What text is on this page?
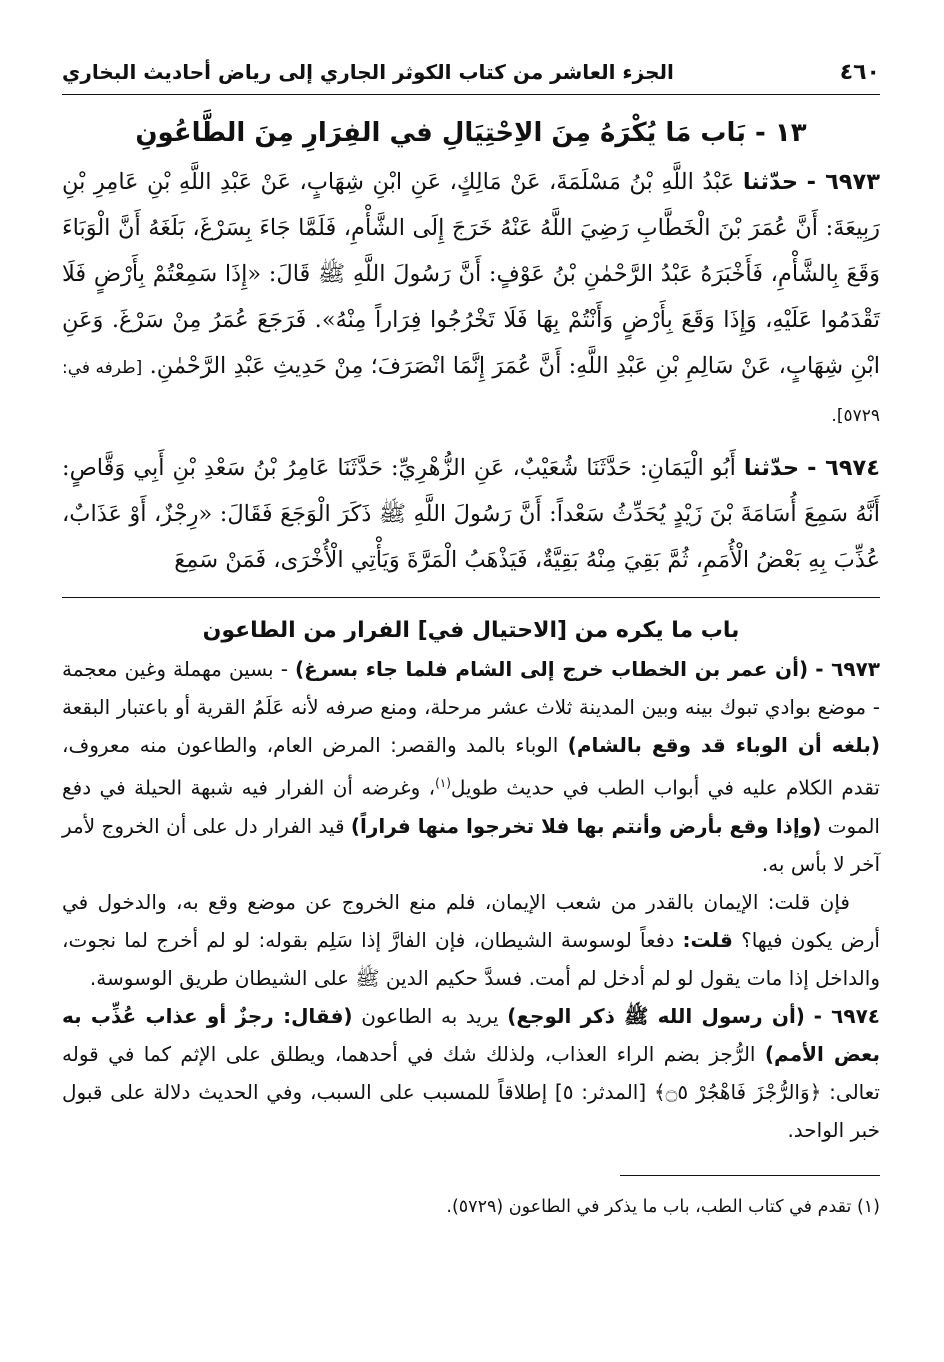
٤٦٠
الجزء العاشر من كتاب الكوثر الجاري إلى رياض أحاديث البخاري
١٣ - بَاب مَا يُكْرَهُ مِنَ الاِحْتِيَالِ في الفِرَارِ مِنَ الطَّاعُونِ
٦٩٧٣ - حدّثنا عَبْدُ اللَّهِ بْنُ مَسْلَمَةَ، عَنْ مَالِكٍ، عَنِ ابْنِ شِهَابٍ، عَنْ عَبْدِ اللَّهِ بْنِ عَامِرِ بْنِ رَبِيعَةَ: أَنَّ عُمَرَ بْنَ الْخَطَّابِ رَضِيَ اللَّهُ عَنْهُ خَرَجَ إِلَى الشَّأْمِ، فَلَمَّا جَاءَ بِسَرْغَ، بَلَغَهُ أَنَّ الْوَبَاءَ وَقَعَ بِالشَّأْمِ، فَأَخْبَرَهُ عَبْدُ الرَّحْمٰنِ بْنُ عَوْفٍ: أَنَّ رَسُولَ اللَّهِ ﷺ قَالَ: «إِذَا سَمِعْتُمْ بِأَرْضٍ فَلَا تَقْدَمُوا عَلَيْهِ، وَإِذَا وَقَعَ بِأَرْضٍ وَأَنْتُمْ بِهَا فَلَا تَخْرُجُوا فِرَاراً مِنْهُ». فَرَجَعَ عُمَرُ مِنْ سَرْغَ. وَعَنِ ابْنِ شِهَابٍ، عَنْ سَالِمِ بْنِ عَبْدِ اللَّهِ: أَنَّ عُمَرَ إِنَّمَا انْصَرَفَ؛ مِنْ حَدِيثِ عَبْدِ الرَّحْمٰنِ. [طرفه في: ٥٧٢٩].
٦٩٧٤ - حدّثنا أَبُو الْيَمَانِ: حَدَّثَنَا شُعَيْبٌ، عَنِ الزُّهْرِيِّ: حَدَّثَنَا عَامِرُ بْنُ سَعْدِ بْنِ أَبِي وَقَّاصٍ: أَنَّهُ سَمِعَ أُسَامَةَ بْنَ زَيْدٍ يُحَدِّثُ سَعْداً: أَنَّ رَسُولَ اللَّهِ ﷺ ذَكَرَ الْوَجَعَ فَقَالَ: «رِجْزٌ، أَوْ عَذَابٌ، عُذِّبَ بِهِ بَعْضُ الْأُمَمِ، ثُمَّ بَقِيَ مِنْهُ بَقِيَّةٌ، فَيَذْهَبُ الْمَرَّةَ وَيَأْتِي الْأُخْرَى، فَمَنْ سَمِعَ
باب ما يكره من [الاحتيال في] الفرار من الطاعون

٦٩٧٣ - (أن عمر بن الخطاب خرج إلى الشام فلما جاء بسرغ) - بسين مهملة وغين معجمة - موضع بوادي تبوك بينه وبين المدينة ثلاث عشر مرحلة، ومنع صرفه لأنه عَلَمُ القرية أو باعتبار البقعة (بلغه أن الوباء قد وقع بالشام) الوباء بالمد والقصر: المرض العام، والطاعون منه معروف، تقدم الكلام عليه في أبواب الطب في حديث طويل$^{(١)}$، وغرضه أن الفرار فيه شبهة الحيلة في دفع الموت (وإذا وقع بأرض وأنتم بها فلا تخرجوا منها فراراً) قيد الفرار دل على أن الخروج لأمر آخر لا بأس به.

فإن قلت: الإيمان بالقدر من شعب الإيمان، فلم منع الخروج عن موضع وقع به، والدخول في أرض يكون فيها؟ قلت: دفعاً لوسوسة الشيطان، فإن الفارَّ إذا سَلِم بقوله: لو لم أخرج لما نجوت، والداخل إذا مات يقول لو لم أدخل لم أمت. فسدَّ حكيم الدين ﷺ على الشيطان طريق الوسوسة.

٦٩٧٤ - (أن رسول الله ﷺ ذكر الوجع) يريد به الطاعون (فقال: رجزٌ أو عذاب عُذِّب به بعض الأمم) الرُّجز بضم الراء العذاب، ولذلك شك في أحدهما، ويطلق على الإثم كما في قوله تعالى: ﴿وَالرُّجْزَ فَاهْجُرْ ۝٥﴾ [المدثر: ٥] إطلاقاً للمسبب على السبب، وفي الحديث دلالة على قبول خبر الواحد.

(١) تقدم في كتاب الطب، باب ما يذكر في الطاعون (٥٧٢٩).
